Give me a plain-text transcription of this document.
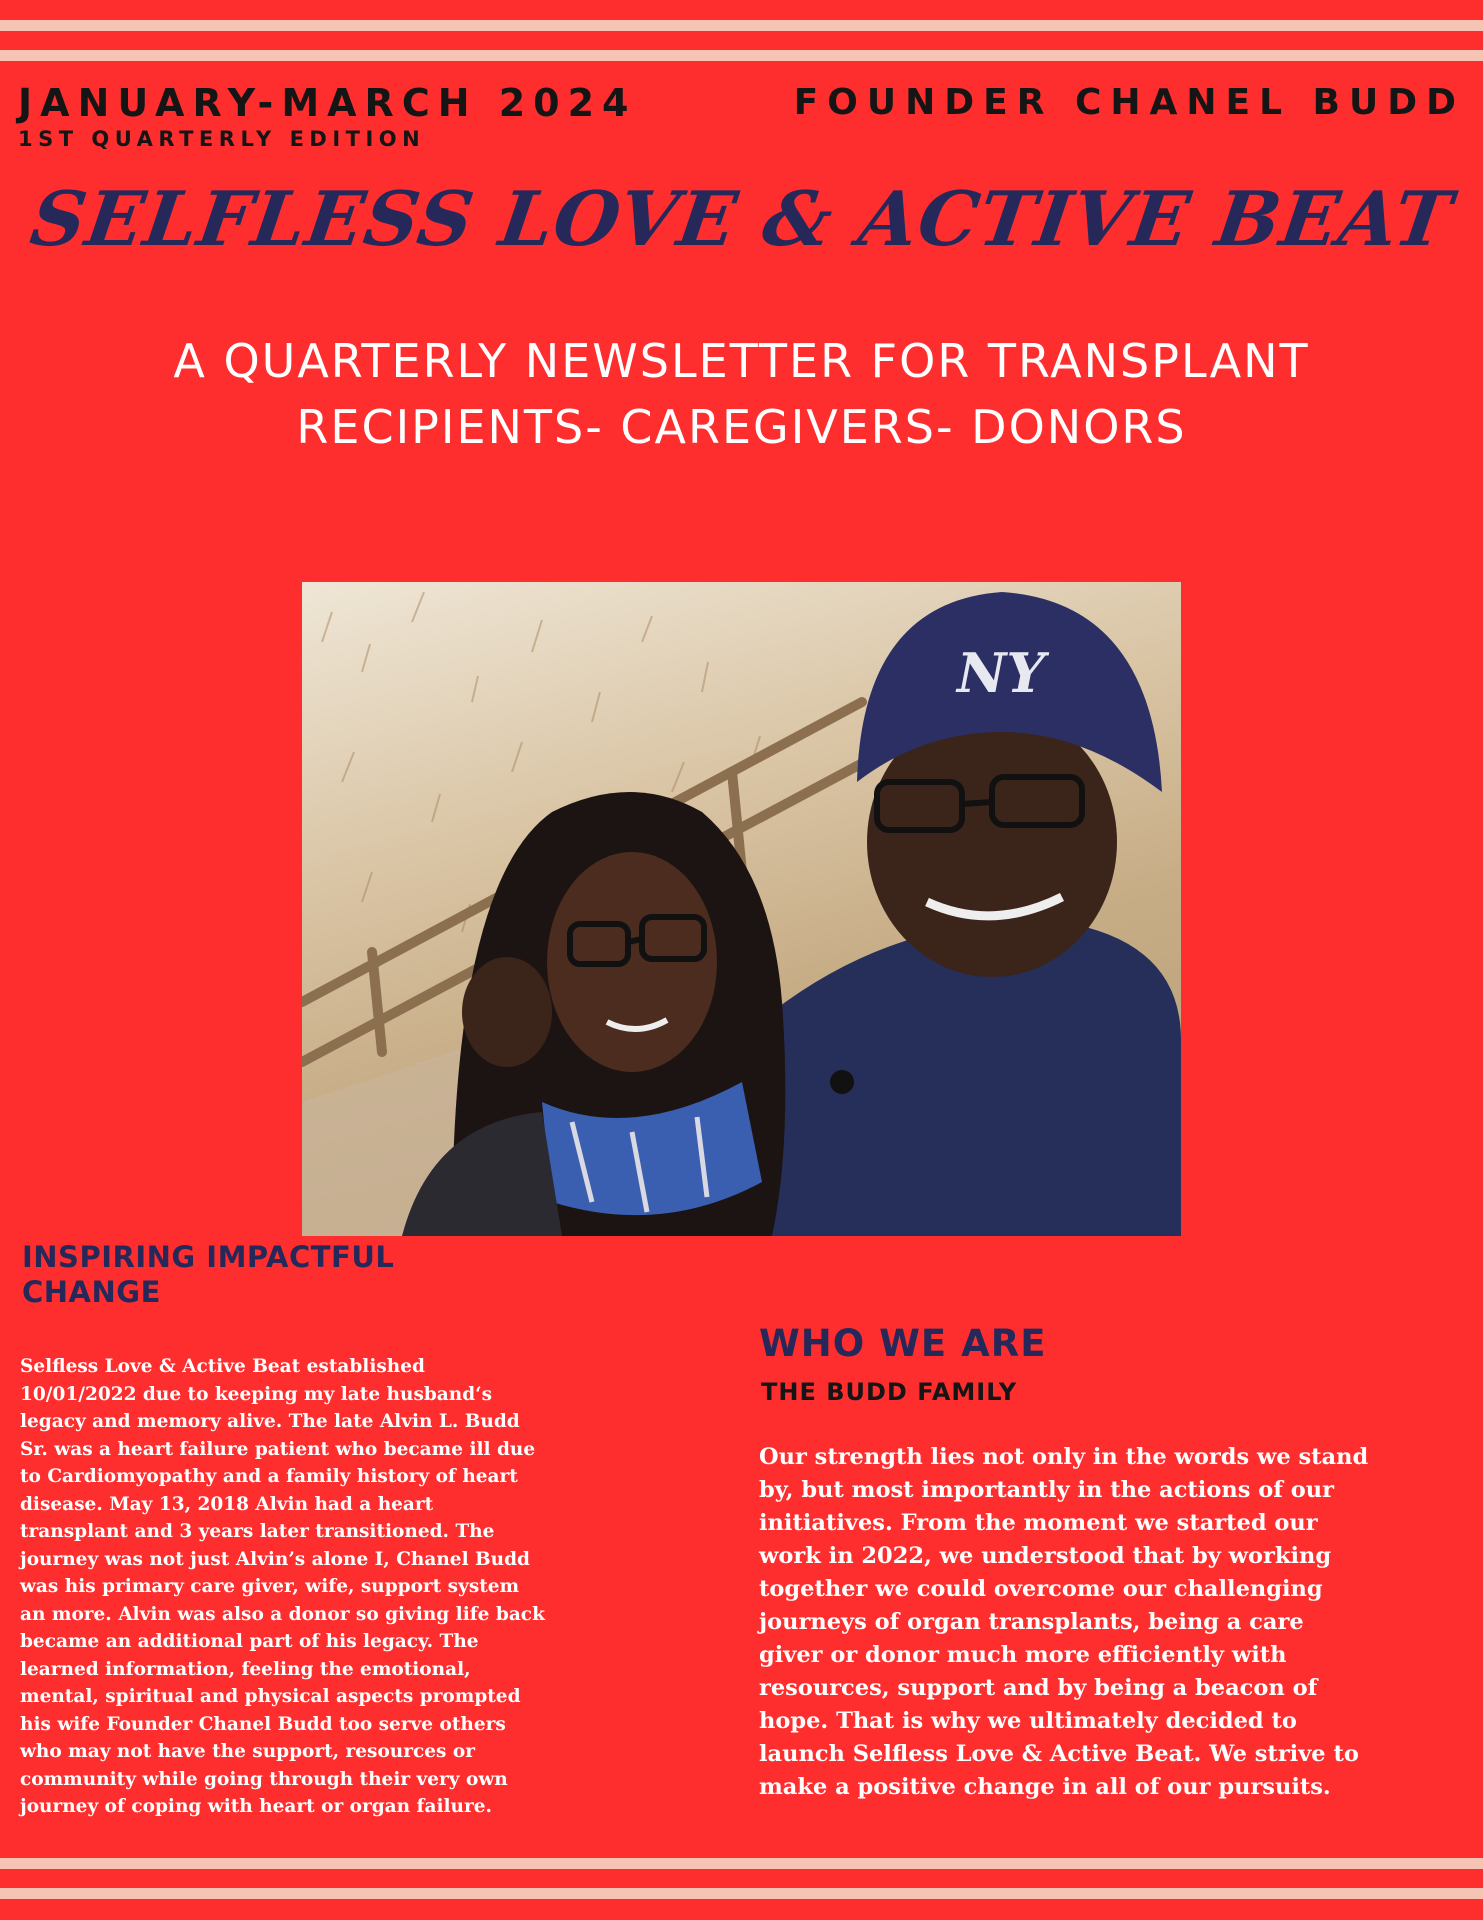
JANUARY-MARCH 2024

1ST QUARTERLY EDITION

FOUNDER CHANEL BUDD

SELFLESS LOVE & ACTIVE BEAT
A QUARTERLY NEWSLETTER FOR TRANSPLANT RECIPIENTS- CAREGIVERS- DONORS
NY
INSPIRING IMPACTFUL CHANGE

Selfless Love & Active Beat established 10/01/2022 due to keeping my late husband‘s legacy and memory alive. The late Alvin L. Budd Sr. was a heart failure patient who became ill due to Cardiomyopathy and a family history of heart disease. May 13, 2018 Alvin had a heart transplant and 3 years later transitioned. The journey was not just Alvin’s alone I, Chanel Budd was his primary care giver, wife, support system an more. Alvin was also a donor so giving life back became an additional part of his legacy. The learned information, feeling the emotional, mental, spiritual and physical aspects prompted his wife Founder Chanel Budd too serve others who may not have the support, resources or community while going through their very own journey of coping with heart or organ failure.

WHO WE ARE

THE BUDD FAMILY

Our strength lies not only in the words we stand by, but most importantly in the actions of our initiatives. From the moment we started our work in 2022, we understood that by working together we could overcome our challenging journeys of organ transplants, being a care giver or donor much more efficiently with resources, support and by being a beacon of hope. That is why we ultimately decided to launch Selfless Love & Active Beat. We strive to make a positive change in all of our pursuits.
